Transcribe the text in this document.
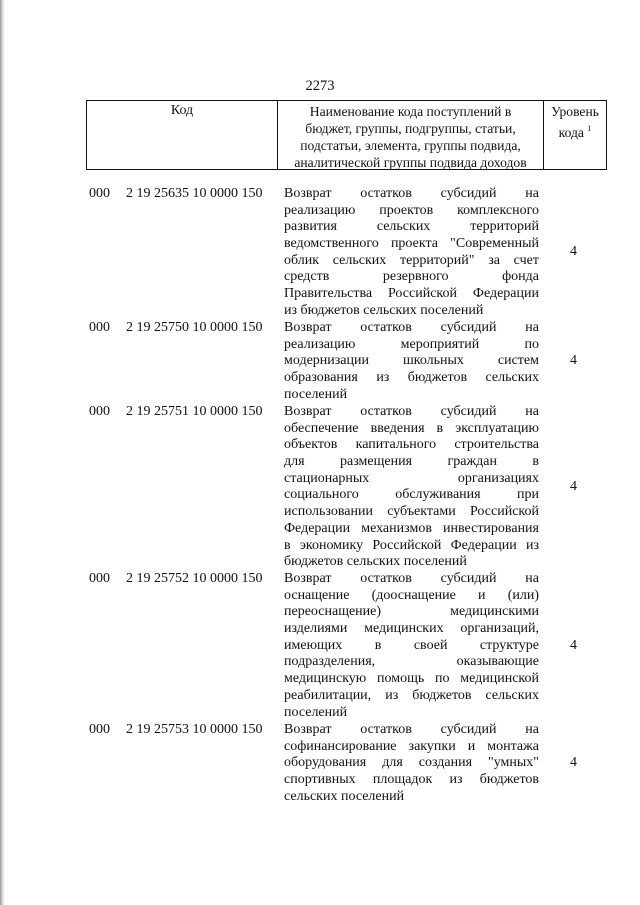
2273
Код	Наименование кода поступлений в
бюджет, группы, подгруппы, статьи,
подстатьи, элемента, группы подвида,
аналитической группы подвида доходов
Уровень
кода $^1$
000 2 19 25635 10 0000 150 Возврат остатков субсидий на
реализацию проектов комплексного
развития сельских территорий
ведомственного проекта "Современный
облик сельских территорий" за счет
средств резервного фонда
Правительства Российской Федерации
из бюджетов сельских поселений
4
000 2 19 25750 10 0000 150 Возврат остатков субсидий на
реализацию мероприятий по
модернизации школьных систем
образования из бюджетов сельских
поселений
4
000 2 19 25751 10 0000 150 Возврат остатков субсидий на
обеспечение введения в эксплуатацию
объектов капитального строительства
для размещения граждан в
стационарных организациях
социального обслуживания при
использовании субъектами Российской
Федерации механизмов инвестирования
в экономику Российской Федерации из
бюджетов сельских поселений
4
000 2 19 25752 10 0000 150 Возврат остатков субсидий на
оснащение (дооснащение и (или)
переоснащение) медицинскими
изделиями медицинских организаций,
имеющих в своей структуре
подразделения, оказывающие
медицинскую помощь по медицинской
реабилитации, из бюджетов сельских
поселений
4
000 2 19 25753 10 0000 150 Возврат остатков субсидий на
софинансирование закупки и монтажа
оборудования для создания "умных"
спортивных площадок из бюджетов
сельских поселений
4
